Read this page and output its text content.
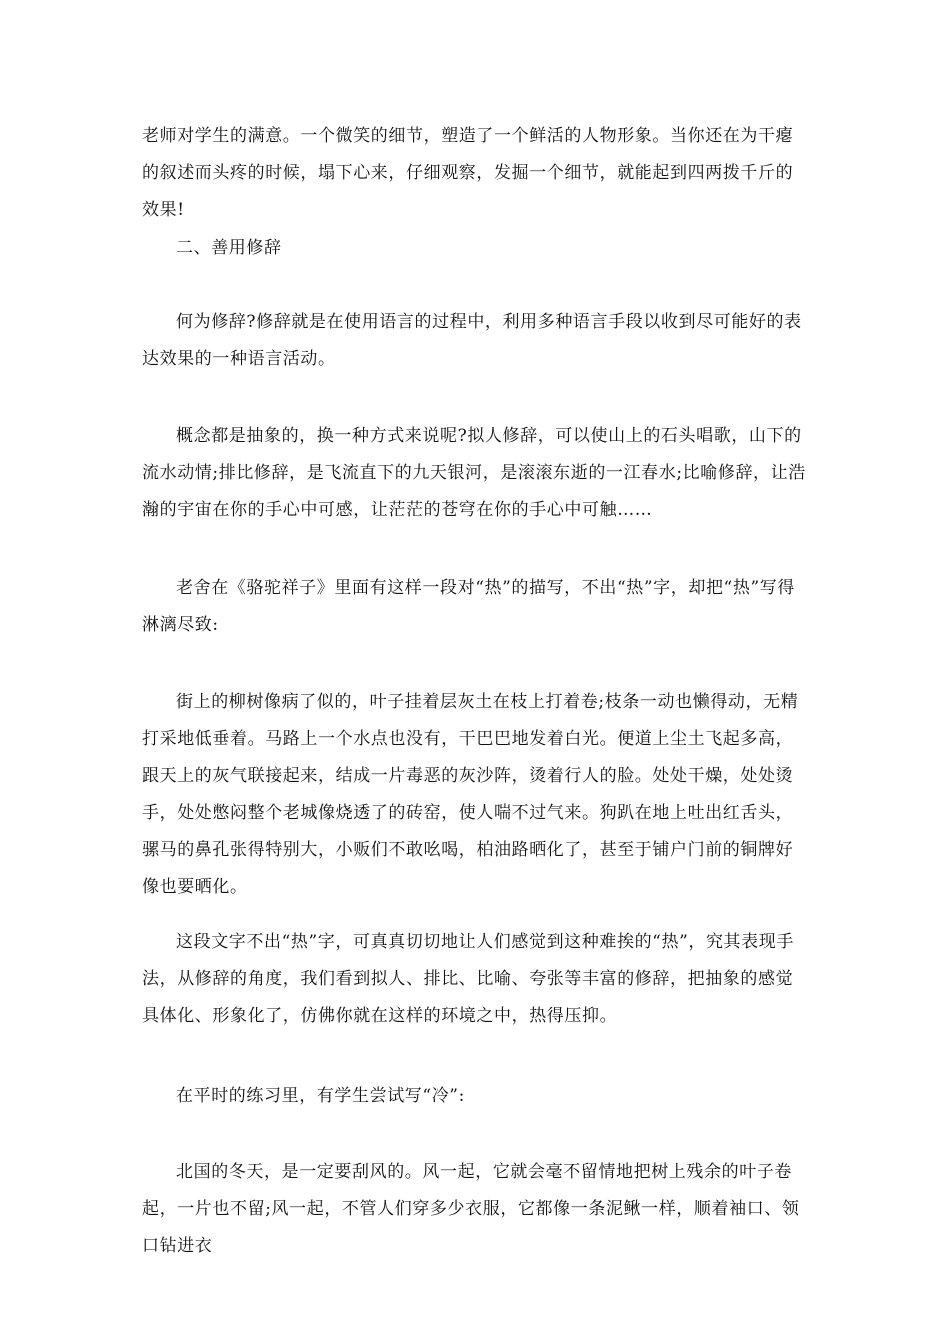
老师对学生的满意。一个微笑的细节，塑造了一个鲜活的人物形象。当你还在为干瘪的叙述而头疼的时候，塌下心来，仔细观察，发掘一个细节，就能起到四两拨千斤的效果!

二、善用修辞

何为修辞?修辞就是在使用语言的过程中，利用多种语言手段以收到尽可能好的表达效果的一种语言活动。

概念都是抽象的，换一种方式来说呢?拟人修辞，可以使山上的石头唱歌，山下的流水动情;排比修辞，是飞流直下的九天银河，是滚滚东逝的一江春水;比喻修辞，让浩瀚的宇宙在你的手心中可感，让茫茫的苍穹在你的手心中可触……

老舍在《骆驼祥子》里面有这样一段对“热”的描写，不出“热”字，却把“热”写得淋漓尽致:

街上的柳树像病了似的，叶子挂着层灰土在枝上打着卷;枝条一动也懒得动，无精打采地低垂着。马路上一个水点也没有，干巴巴地发着白光。便道上尘土飞起多高，跟天上的灰气联接起来，结成一片毒恶的灰沙阵，烫着行人的脸。处处干燥，处处烫手，处处憋闷整个老城像烧透了的砖窑，使人喘不过气来。狗趴在地上吐出红舌头，骡马的鼻孔张得特别大，小贩们不敢吆喝，柏油路晒化了，甚至于铺户门前的铜牌好像也要晒化。

这段文字不出“热”字，可真真切切地让人们感觉到这种难挨的“热”，究其表现手法，从修辞的角度，我们看到拟人、排比、比喻、夸张等丰富的修辞，把抽象的感觉具体化、形象化了，仿佛你就在这样的环境之中，热得压抑。

在平时的练习里，有学生尝试写“冷”:

北国的冬天，是一定要刮风的。风一起，它就会毫不留情地把树上残余的叶子卷起，一片也不留;风一起，不管人们穿多少衣服，它都像一条泥鳅一样，顺着袖口、领口钻进衣
